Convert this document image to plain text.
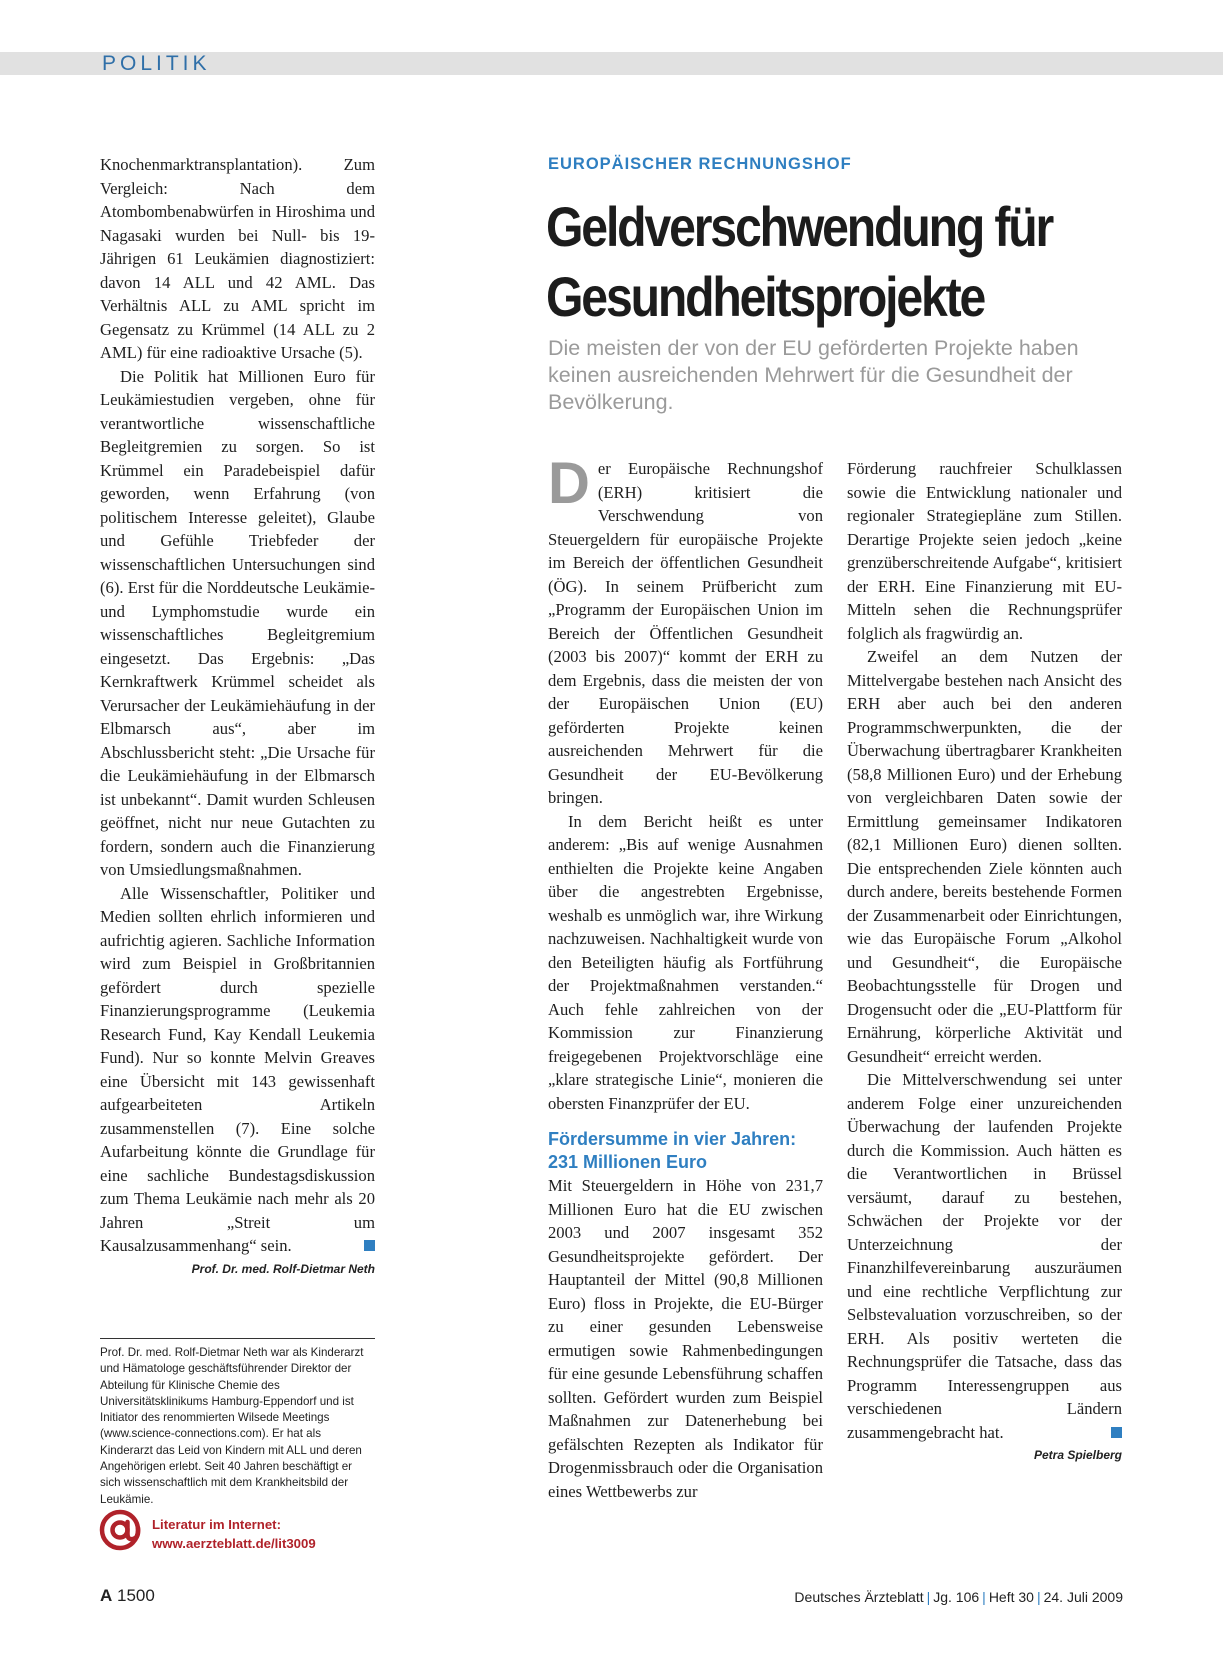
POLITIK

Knochenmarktransplantation). Zum Vergleich: Nach dem Atombombenabwürfen in Hiroshima und Nagasaki wurden bei Null- bis 19-Jährigen 61 Leukämien diagnostiziert: davon 14 ALL und 42 AML. Das Verhältnis ALL zu AML spricht im Gegensatz zu Krümmel (14 ALL zu 2 AML) für eine radioaktive Ursache (5).

Die Politik hat Millionen Euro für Leukämiestudien vergeben, ohne für verantwortliche wissenschaftliche Begleitgremien zu sorgen. So ist Krümmel ein Paradebeispiel dafür geworden, wenn Erfahrung (von politischem Interesse geleitet), Glaube und Gefühle Triebfeder der wissenschaftlichen Untersuchungen sind (6). Erst für die Norddeutsche Leukämie- und Lymphomstudie wurde ein wissenschaftliches Begleitgremium eingesetzt. Das Ergebnis: „Das Kernkraftwerk Krümmel scheidet als Verursacher der Leukämiehäufung in der Elbmarsch aus“, aber im Abschlussbericht steht: „Die Ursache für die Leukämiehäufung in der Elbmarsch ist unbekannt“. Damit wurden Schleusen geöffnet, nicht nur neue Gutachten zu fordern, sondern auch die Finanzierung von Umsiedlungsmaßnahmen.

Alle Wissenschaftler, Politiker und Medien sollten ehrlich informieren und aufrichtig agieren. Sachliche Information wird zum Beispiel in Großbritannien gefördert durch spezielle Finanzierungsprogramme (Leukemia Research Fund, Kay Kendall Leukemia Fund). Nur so konnte Melvin Greaves eine Übersicht mit 143 gewissenhaft aufgearbeiteten Artikeln zusammenstellen (7). Eine solche Aufarbeitung könnte die Grundlage für eine sachliche Bundestagsdiskussion zum Thema Leukämie nach mehr als 20 Jahren „Streit um Kausalzusammenhang“ sein.

Prof. Dr. med. Rolf-Dietmar Neth
Prof. Dr. med. Rolf-Dietmar Neth war als Kinderarzt und Hämatologe geschäftsführender Direktor der Abteilung für Klinische Chemie des Universitätsklinikums Hamburg-Eppendorf und ist Initiator des renommierten Wilsede Meetings (www.science-connections.com). Er hat als Kinderarzt das Leid von Kindern mit ALL und deren Angehörigen erlebt. Seit 40 Jahren beschäftigt er sich wissenschaftlich mit dem Krankheitsbild der Leukämie.
Literatur im Internet:
www.aerzteblatt.de/lit3009
EUROPÄISCHER RECHNUNGSHOF
Geldverschwendung für Gesundheitsprojekte
Die meisten der von der EU geförderten Projekte haben keinen ausreichenden Mehrwert für die Gesundheit der Bevölkerung.

Der Europäische Rechnungshof (ERH) kritisiert die Verschwendung von Steuergeldern für europäische Projekte im Bereich der öffentlichen Gesundheit (ÖG). In seinem Prüfbericht zum „Programm der Europäischen Union im Bereich der Öffentlichen Gesundheit (2003 bis 2007)“ kommt der ERH zu dem Ergebnis, dass die meisten der von der Europäischen Union (EU) geförderten Projekte keinen ausreichenden Mehrwert für die Gesundheit der EU-Bevölkerung bringen.

In dem Bericht heißt es unter anderem: „Bis auf wenige Ausnahmen enthielten die Projekte keine Angaben über die angestrebten Ergebnisse, weshalb es unmöglich war, ihre Wirkung nachzuweisen. Nachhaltigkeit wurde von den Beteiligten häufig als Fortführung der Projektmaßnahmen verstanden.“ Auch fehle zahlreichen von der Kommission zur Finanzierung freigegebenen Projektvorschläge eine „klare strategische Linie“, monieren die obersten Finanzprüfer der EU.

Fördersumme in vier Jahren: 231 Millionen Euro

Mit Steuergeldern in Höhe von 231,7 Millionen Euro hat die EU zwischen 2003 und 2007 insgesamt 352 Gesundheitsprojekte gefördert. Der Hauptanteil der Mittel (90,8 Millionen Euro) floss in Projekte, die EU-Bürger zu einer gesunden Lebensweise ermutigen sowie Rahmenbedingungen für eine gesunde Lebensführung schaffen sollten. Gefördert wurden zum Beispiel Maßnahmen zur Datenerhebung bei gefälschten Rezepten als Indikator für Drogenmissbrauch oder die Organisation eines Wettbewerbs zur

Förderung rauchfreier Schulklassen sowie die Entwicklung nationaler und regionaler Strategiepläne zum Stillen. Derartige Projekte seien jedoch „keine grenzüberschreitende Aufgabe“, kritisiert der ERH. Eine Finanzierung mit EU-Mitteln sehen die Rechnungsprüfer folglich als fragwürdig an.

Zweifel an dem Nutzen der Mittelvergabe bestehen nach Ansicht des ERH aber auch bei den anderen Programmschwerpunkten, die der Überwachung übertragbarer Krankheiten (58,8 Millionen Euro) und der Erhebung von vergleichbaren Daten sowie der Ermittlung gemeinsamer Indikatoren (82,1 Millionen Euro) dienen sollten. Die entsprechenden Ziele könnten auch durch andere, bereits bestehende Formen der Zusammenarbeit oder Einrichtungen, wie das Europäische Forum „Alkohol und Gesundheit“, die Europäische Beobachtungsstelle für Drogen und Drogensucht oder die „EU-Plattform für Ernährung, körperliche Aktivität und Gesundheit“ erreicht werden.

Die Mittelverschwendung sei unter anderem Folge einer unzureichenden Überwachung der laufenden Projekte durch die Kommission. Auch hätten es die Verantwortlichen in Brüssel versäumt, darauf zu bestehen, Schwächen der Projekte vor der Unterzeichnung der Finanzhilfevereinbarung auszuräumen und eine rechtliche Verpflichtung zur Selbstevaluation vorzuschreiben, so der ERH. Als positiv werteten die Rechnungsprüfer die Tatsache, dass das Programm Interessengruppen aus verschiedenen Ländern zusammengebracht hat.

Petra Spielberg
A 1500	Deutsches Ärzteblatt | Jg. 106 | Heft 30 | 24. Juli 2009
